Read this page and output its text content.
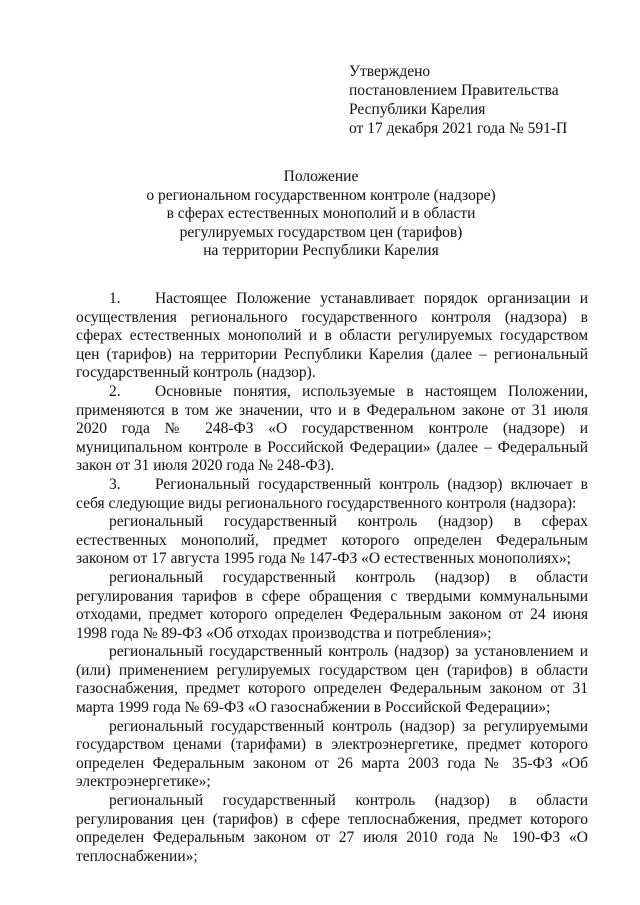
Утверждено
постановлением Правительства
Республики Карелия
от 17 декабря 2021 года № 591-П
Положение
о региональном государственном контроле (надзоре)
в сферах естественных монополий и в области
регулируемых государством цен (тарифов)
на территории Республики Карелия

1. Настоящее Положение устанавливает порядок организации и осуществления регионального государственного контроля (надзора) в сферах естественных монополий и в области регулируемых государством цен (тарифов) на территории Республики Карелия (далее – региональный государственный контроль (надзор).

2. Основные понятия, используемые в настоящем Положении, применяются в том же значении, что и в Федеральном законе от 31 июля 2020 года № 248-ФЗ «О государственном контроле (надзоре) и муниципальном контроле в Российской Федерации» (далее – Федеральный закон от 31 июля 2020 года № 248-ФЗ).

3. Региональный государственный контроль (надзор) включает в себя следующие виды регионального государственного контроля (надзора):

региональный государственный контроль (надзор) в сферах естественных монополий, предмет которого определен Федеральным законом от 17 августа 1995 года № 147-ФЗ «О естественных монополиях»;

региональный государственный контроль (надзор) в области регулирования тарифов в сфере обращения с твердыми коммунальными отходами, предмет которого определен Федеральным законом от 24 июня 1998 года № 89-ФЗ «Об отходах производства и потребления»;

региональный государственный контроль (надзор) за установлением и (или) применением регулируемых государством цен (тарифов) в области газоснабжения, предмет которого определен Федеральным законом от 31 марта 1999 года № 69-ФЗ «О газоснабжении в Российской Федерации»;

региональный государственный контроль (надзор) за регулируемыми государством ценами (тарифами) в электроэнергетике, предмет которого определен Федеральным законом от 26 марта 2003 года № 35-ФЗ «Об электроэнергетике»;

региональный государственный контроль (надзор) в области регулирования цен (тарифов) в сфере теплоснабжения, предмет которого определен Федеральным законом от 27 июля 2010 года № 190-ФЗ «О теплоснабжении»;
